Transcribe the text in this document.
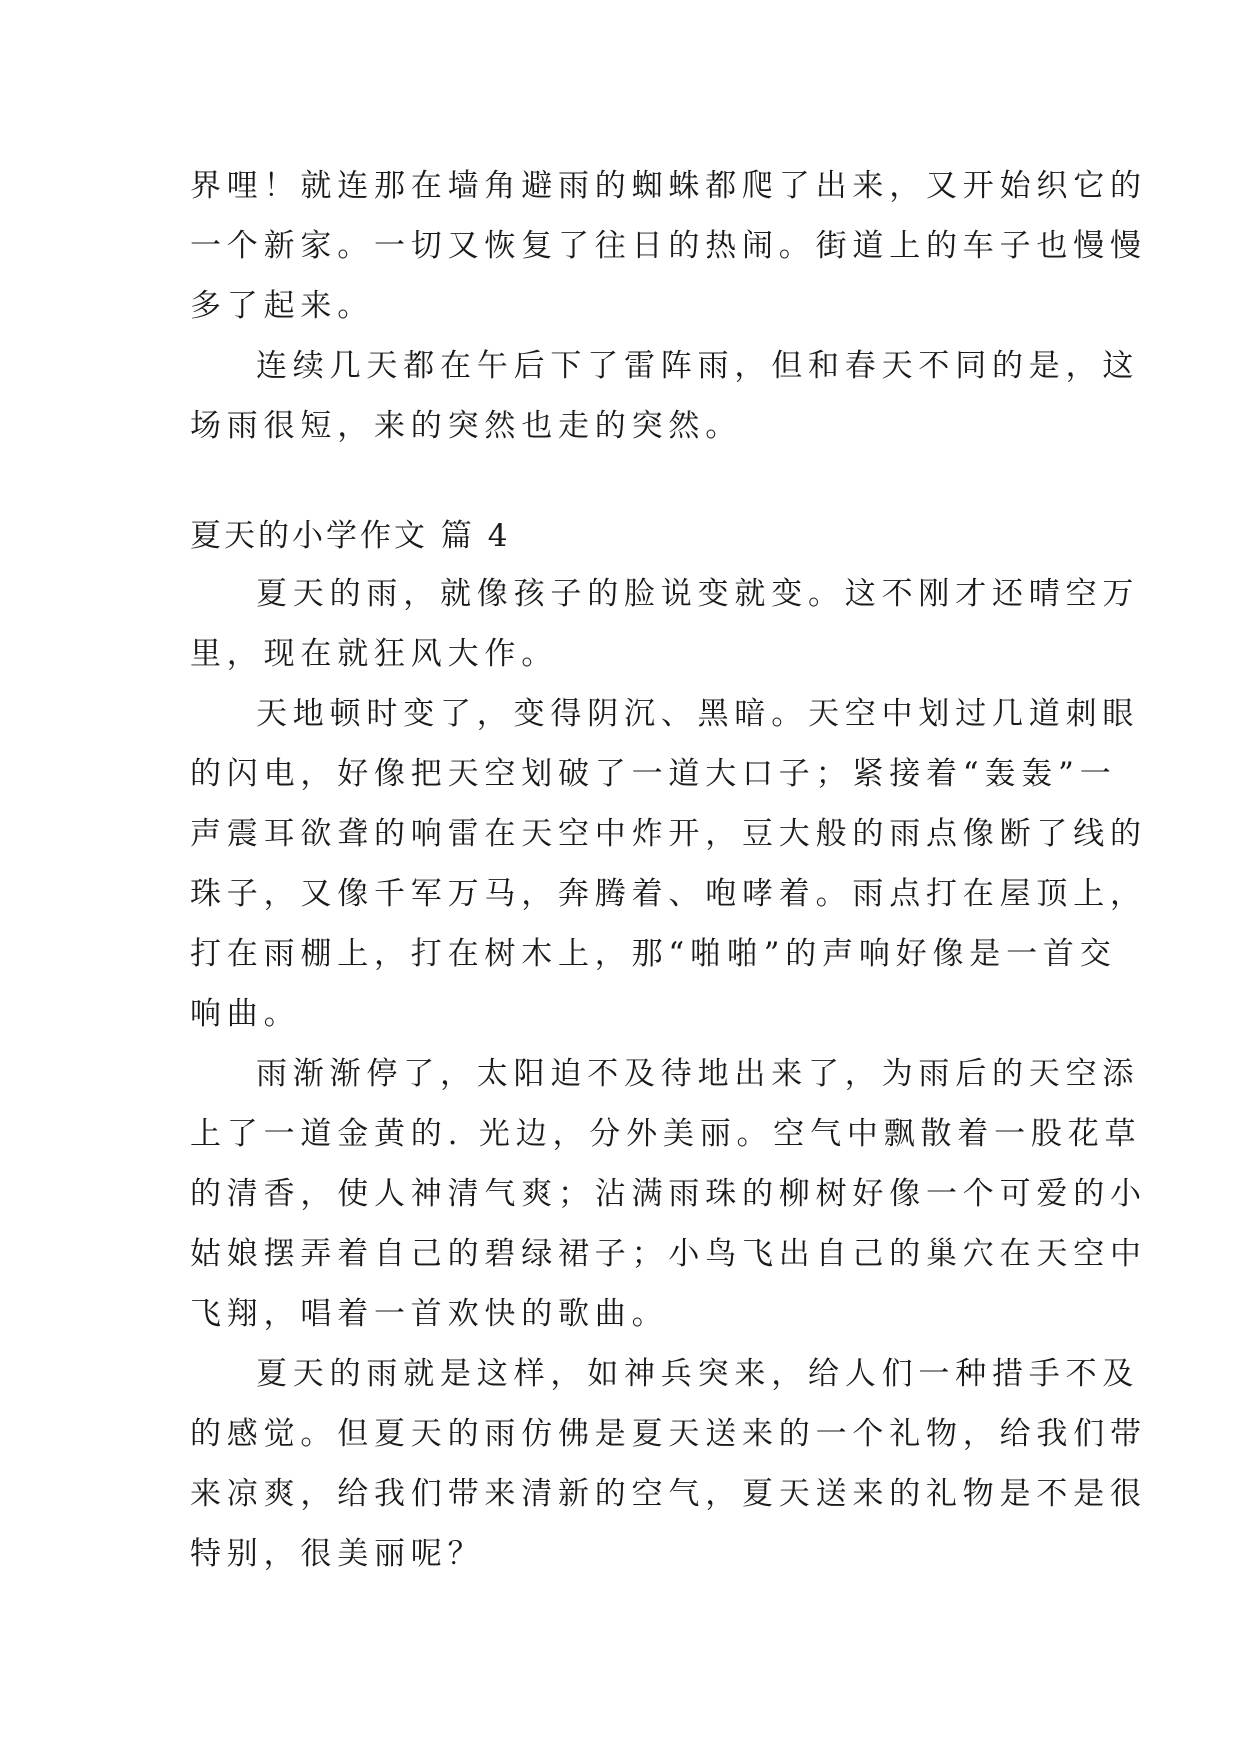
界哩！就连那在墙角避雨的蜘蛛都爬了出来，又开始织它的
一个新家。一切又恢复了往日的热闹。街道上的车子也慢慢
多了起来。
连续几天都在午后下了雷阵雨，但和春天不同的是，这
场雨很短，来的突然也走的突然。
夏天的小学作文 篇 4
夏天的雨，就像孩子的脸说变就变。这不刚才还晴空万
里，现在就狂风大作。
天地顿时变了，变得阴沉、黑暗。天空中划过几道刺眼
的闪电，好像把天空划破了一道大口子；紧接着“轰轰”一
声震耳欲聋的响雷在天空中炸开，豆大般的雨点像断了线的
珠子，又像千军万马，奔腾着、咆哮着。雨点打在屋顶上，
打在雨棚上，打在树木上，那“啪啪”的声响好像是一首交
响曲。
雨渐渐停了，太阳迫不及待地出来了，为雨后的天空添
上了一道金黄的. 光边，分外美丽。空气中飘散着一股花草
的清香，使人神清气爽；沾满雨珠的柳树好像一个可爱的小
姑娘摆弄着自己的碧绿裙子；小鸟飞出自己的巢穴在天空中
飞翔，唱着一首欢快的歌曲。
夏天的雨就是这样，如神兵突来，给人们一种措手不及
的感觉。但夏天的雨仿佛是夏天送来的一个礼物，给我们带
来凉爽，给我们带来清新的空气，夏天送来的礼物是不是很
特别，很美丽呢？
